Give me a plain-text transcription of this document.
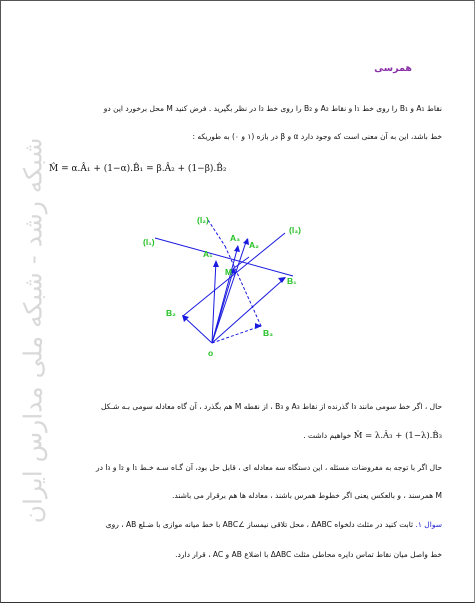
شبکه رشد - شبکه ملی مدارس ایران
همرسی
نقاط A₁ و B₁ را روی خط l₁ و نقاط A₂ و B₂ را روی خط l₂ در نظر بگیرید . فرض کنید M محل برخورد این دو
خط باشد، این به آن معنی است که وجود دارد α و β در بازه (۱ و ۰) به طوریکه :
M̂ = α.Â₁ + (1−α).B̂₁ = β.Â₂ + (1−β).B̂₂
(l₁)
(l₂)
(l₃)
A₁
A₃
A₂
B₁
B₂
B₃
M
o
حال ، اگر خط سومی مانند l₃ گذرنده از نقاط A₃ و B₃ ، از نقطه M هم بگذرد ، آن گاه معادله سومی بـه شـكل
M̂ = λ.Â₃ + (1−λ).B̂₃ خواهیم داشت .
حال اگر با توجه به مفروضات مسئله ، این دستگاه سه معادله ای ، قابل حل بود، آن گـاه سـه خـط l₁ و l₂ و l₃ در
M همرسند ، و بالعكس یعنی اگر خطوط همرس باشند ، معادله ها هم برقرار می باشند.
سوال ۱. ثابت كنید در مثلث دلخواه ΔABC ، محل تلاقی نیمساز ∠ABC با خط میانه موازی با ضـلع AB ، روی
خط واصل میان نقاط تماس دایره محاطی مثلث ΔABC با اضلاع AB و AC ، قرار دارد.
